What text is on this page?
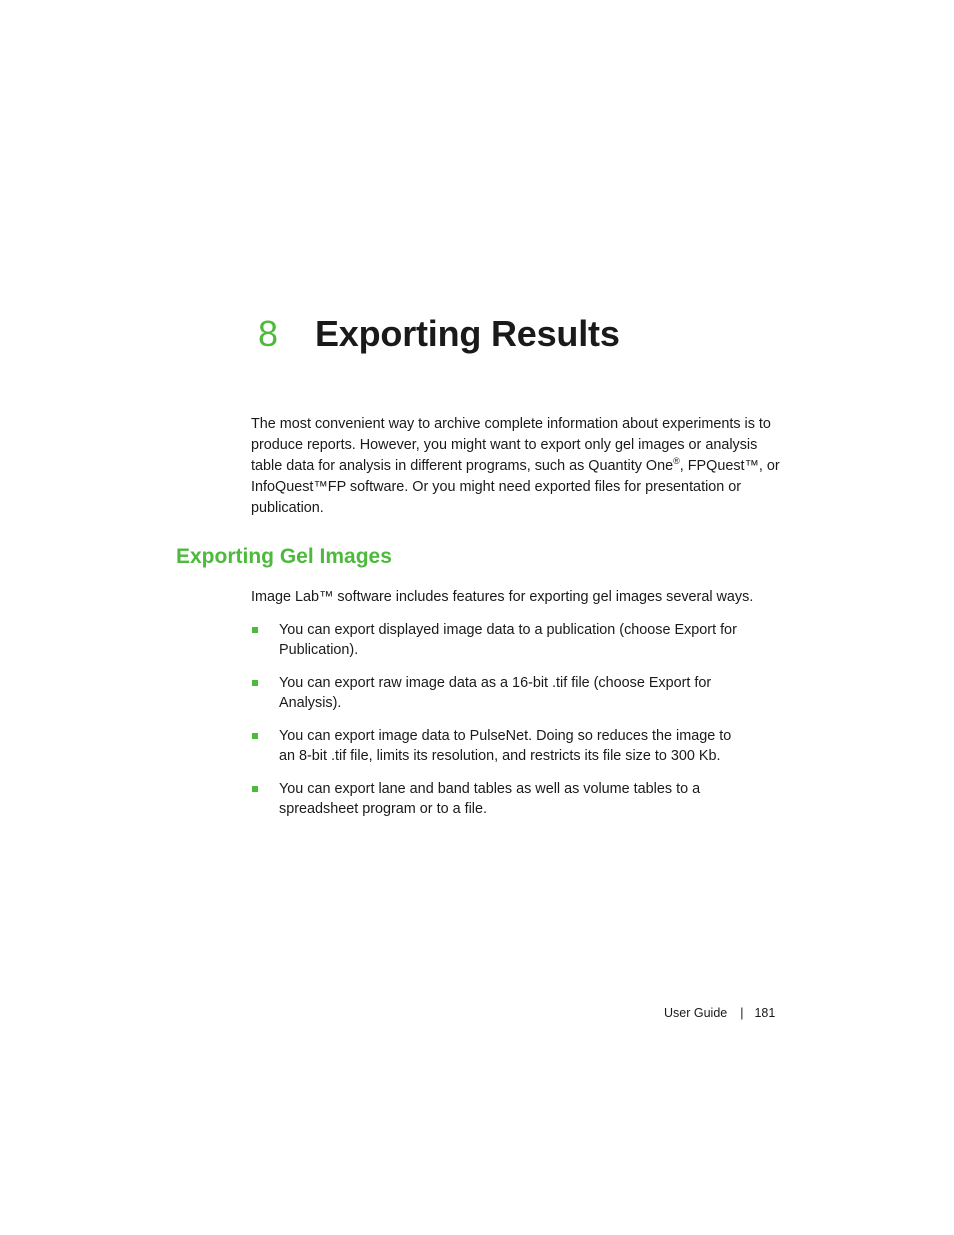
8 Exporting Results

The most convenient way to archive complete information about experiments is to produce reports. However, you might want to export only gel images or analysis table data for analysis in different programs, such as Quantity One®, FPQuest™, or InfoQuest™FP software. Or you might need exported files for presentation or publication.

Exporting Gel Images

Image Lab™ software includes features for exporting gel images several ways.

You can export displayed image data to a publication (choose Export for Publication).
You can export raw image data as a 16-bit .tif file (choose Export for Analysis).
You can export image data to PulseNet. Doing so reduces the image to an 8-bit .tif file, limits its resolution, and restricts its file size to 300 Kb.
You can export lane and band tables as well as volume tables to a spreadsheet program or to a file.
User Guide | 181
